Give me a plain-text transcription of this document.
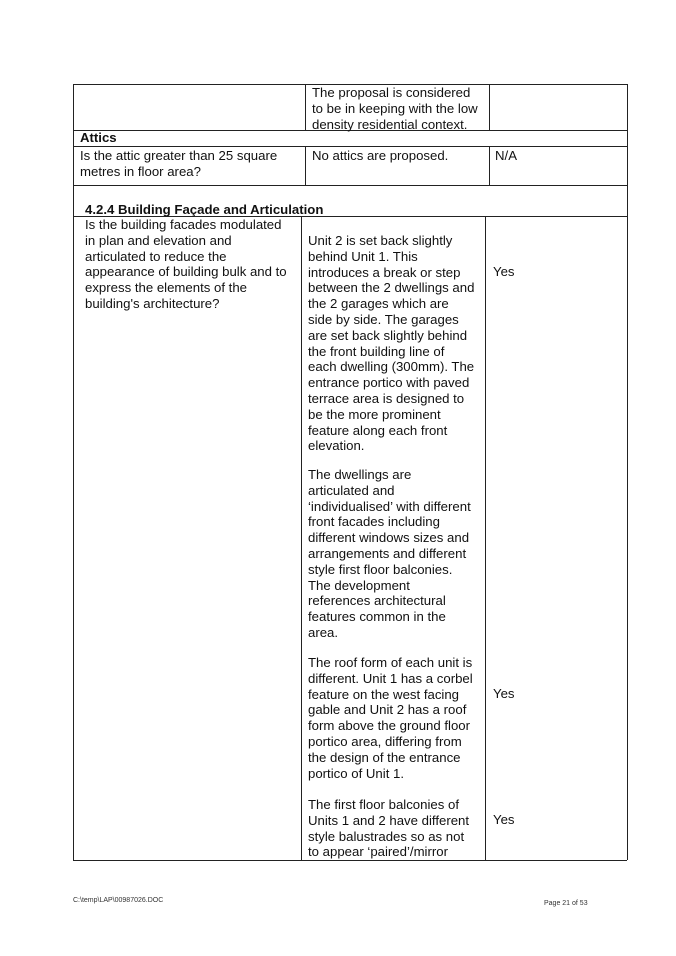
The proposal is considered
to be in keeping with the low
density residential context.
Attics
Is the attic greater than 25 square
metres in floor area?
No attics are proposed.	N/A
4.2.4 Building Façade and Articulation
Is the building facades modulated
in plan and elevation and
articulated to reduce the
appearance of building bulk and to
express the elements of the
building's architecture?
Unit 2 is set back slightly
behind Unit 1. This
introduces a break or step
between the 2 dwellings and
the 2 garages which are
side by side. The garages
are set back slightly behind
the front building line of
each dwelling (300mm). The
entrance portico with paved
terrace area is designed to
be the more prominent
feature along each front
elevation.
Yes
The dwellings are
articulated and
‘individualised’ with different
front facades including
different windows sizes and
arrangements and different
style first floor balconies.
The development
references architectural
features common in the
area.
The roof form of each unit is
different. Unit 1 has a corbel
feature on the west facing
gable and Unit 2 has a roof
form above the ground floor
portico area, differing from
the design of the entrance
portico of Unit 1.
Yes
The first floor balconies of
Units 1 and 2 have different
style balustrades so as not
to appear ‘paired’/mirror
Yes
C:\temp\LAP\00987026.DOC	Page 21 of 53
